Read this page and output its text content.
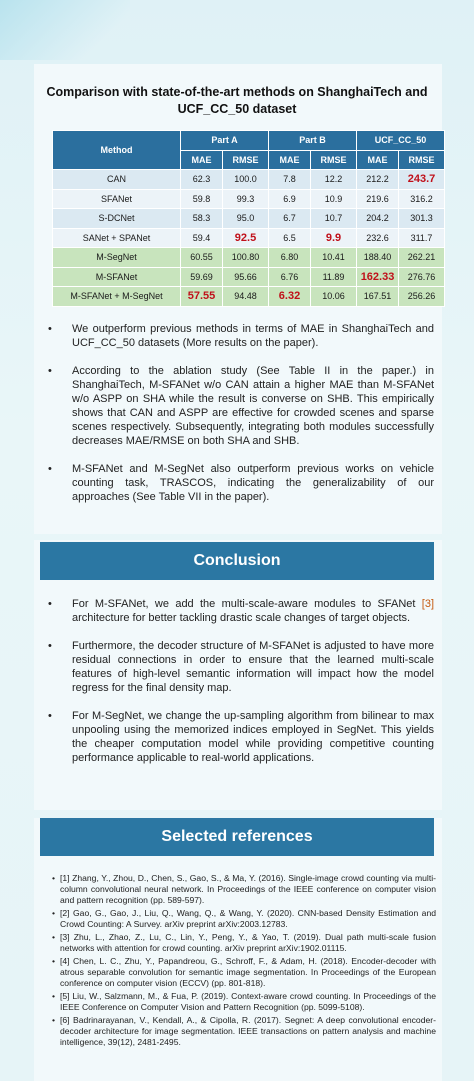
Comparison with state-of-the-art methods on ShanghaiTech and UCF_CC_50 dataset
Method	Part A		Part B		UCF_CC_50	
	MAE	RMSE	MAE	RMSE	MAE	RMSE
CAN	62.3	100.0	7.8	12.2	212.2	243.7
SFANet	59.8	99.3	6.9	10.9	219.6	316.2
S-DCNet	58.3	95.0	6.7	10.7	204.2	301.3
SANet + SPANet	59.4	92.5	6.5	9.9	232.6	311.7
M-SegNet	60.55	100.80	6.80	10.41	188.40	262.21
M-SFANet	59.69	95.66	6.76	11.89	162.33	276.76
M-SFANet + M-SegNet	57.55	94.48	6.32	10.06	167.51	256.26
• We outperform previous methods in terms of MAE in ShanghaiTech and UCF_CC_50 datasets (More results on the paper).
• According to the ablation study (See Table II in the paper.) in ShanghaiTech, M-SFANet w/o CAN attain a higher MAE than M-SFANet w/o ASPP on SHA while the result is converse on SHB. This empirically shows that CAN and ASPP are effective for crowded scenes and sparse scenes respectively. Subsequently, integrating both modules successfully decreases MAE/RMSE on both SHA and SHB.
• M-SFANet and M-SegNet also outperform previous works on vehicle counting task, TRASCOS, indicating the generalizability of our approaches (See Table VII in the paper).
Conclusion
• For M-SFANet, we add the multi-scale-aware modules to SFANet [3] architecture for better tackling drastic scale changes of target objects.
• Furthermore, the decoder structure of M-SFANet is adjusted to have more residual connections in order to ensure that the learned multi-scale features of high-level semantic information will impact how the model regress for the final density map.
• For M-SegNet, we change the up-sampling algorithm from bilinear to max unpooling using the memorized indices employed in SegNet. This yields the cheaper computation model while providing competitive counting performance applicable to real-world applications.
Selected references
• [1] Zhang, Y., Zhou, D., Chen, S., Gao, S., & Ma, Y. (2016). Single-image crowd counting via multi-column convolutional neural network. In Proceedings of the IEEE conference on computer vision and pattern recognition (pp. 589-597).
• [2] Gao, G., Gao, J., Liu, Q., Wang, Q., & Wang, Y. (2020). CNN-based Density Estimation and Crowd Counting: A Survey. arXiv preprint arXiv:2003.12783.
• [3] Zhu, L., Zhao, Z., Lu, C., Lin, Y., Peng, Y., & Yao, T. (2019). Dual path multi-scale fusion networks with attention for crowd counting. arXiv preprint arXiv:1902.01115.
• [4] Chen, L. C., Zhu, Y., Papandreou, G., Schroff, F., & Adam, H. (2018). Encoder-decoder with atrous separable convolution for semantic image segmentation. In Proceedings of the European conference on computer vision (ECCV) (pp. 801-818).
• [5] Liu, W., Salzmann, M., & Fua, P. (2019). Context-aware crowd counting. In Proceedings of the IEEE Conference on Computer Vision and Pattern Recognition (pp. 5099-5108).
• [6] Badrinarayanan, V., Kendall, A., & Cipolla, R. (2017). Segnet: A deep convolutional encoder-decoder architecture for image segmentation. IEEE transactions on pattern analysis and machine intelligence, 39(12), 2481-2495.
